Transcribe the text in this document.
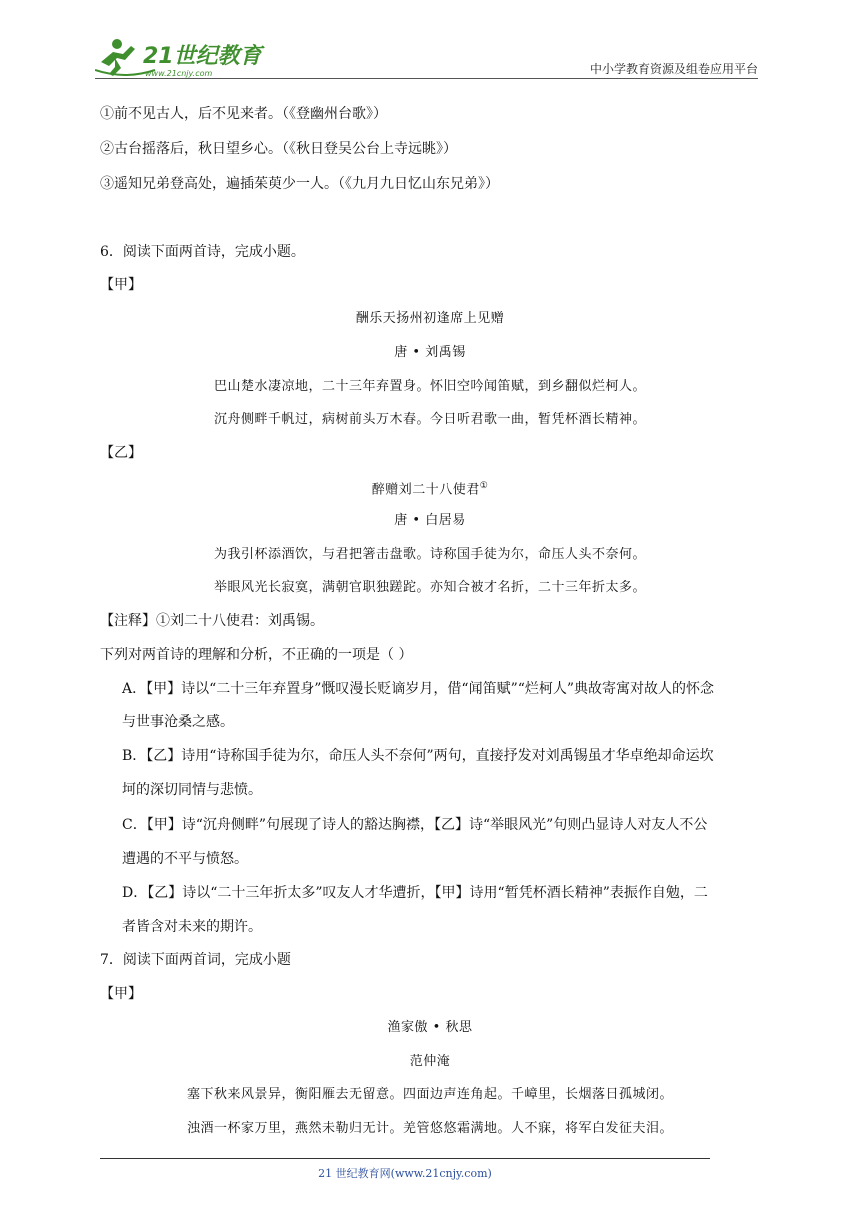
21世纪教育
www.21cnjy.com	中小学教育资源及组卷应用平台
①前不见古人，后不见来者。（《登幽州台歌》）
②古台摇落后，秋日望乡心。（《秋日登吴公台上寺远眺》）
③遥知兄弟登高处，遍插茱萸少一人。（《九月九日忆山东兄弟》）
6．阅读下面两首诗，完成小题。
【甲】
酬乐天扬州初逢席上见赠
唐 • 刘禹锡
巴山楚水凄凉地，二十三年弃置身。怀旧空吟闻笛赋，到乡翻似烂柯人。
沉舟侧畔千帆过，病树前头万木春。今日听君歌一曲，暂凭杯酒长精神。
【乙】
醉赠刘二十八使君①
唐 • 白居易
为我引杯添酒饮，与君把箸击盘歌。诗称国手徒为尔，命压人头不奈何。
举眼风光长寂寞，满朝官职独蹉跎。亦知合被才名折，二十三年折太多。
【注释】①刘二十八使君：刘禹锡。
下列对两首诗的理解和分析，不正确的一项是（ ）
A．【甲】诗以“二十三年弃置身”慨叹漫长贬谪岁月，借“闻笛赋”“烂柯人”典故寄寓对故人的怀念
与世事沧桑之感。
B．【乙】诗用“诗称国手徒为尔，命压人头不奈何”两句，直接抒发对刘禹锡虽才华卓绝却命运坎
坷的深切同情与悲愤。
C．【甲】诗“沉舟侧畔”句展现了诗人的豁达胸襟，【乙】诗“举眼风光”句则凸显诗人对友人不公
遭遇的不平与愤怒。
D．【乙】诗以“二十三年折太多”叹友人才华遭折，【甲】诗用“暂凭杯酒长精神”表振作自勉，二
者皆含对未来的期许。
7．阅读下面两首词，完成小题
【甲】
渔家傲 • 秋思
范仲淹
塞下秋来风景异，衡阳雁去无留意。四面边声连角起。千嶂里，长烟落日孤城闭。
浊酒一杯家万里，燕然未勒归无计。羌管悠悠霜满地。人不寐，将军白发征夫泪。
21 世纪教育网(www.21cnjy.com)
